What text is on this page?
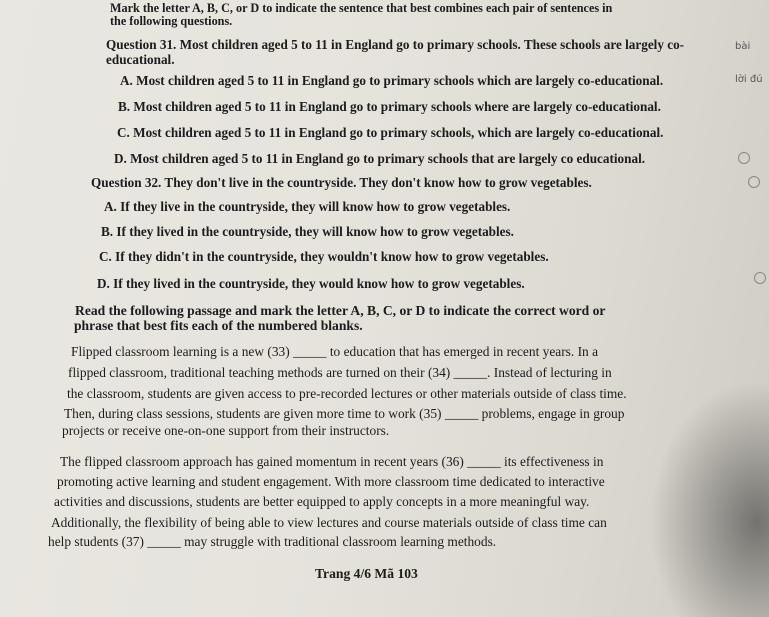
Mark the letter A, B, C, or D to indicate the sentence that best combines each pair of sentences in
the following questions.
Question 31. Most children aged 5 to 11 in England go to primary schools. These schools are largely co-
educational.
A. Most children aged 5 to 11 in England go to primary schools which are largely co-educational.
B. Most children aged 5 to 11 in England go to primary schools where are largely co-educational.
C. Most children aged 5 to 11 in England go to primary schools, which are largely co-educational.
D. Most children aged 5 to 11 in England go to primary schools that are largely co educational.
Question 32. They don't live in the countryside. They don't know how to grow vegetables.
A. If they live in the countryside, they will know how to grow vegetables.
B. If they lived in the countryside, they will know how to grow vegetables.
C. If they didn't in the countryside, they wouldn't know how to grow vegetables.
D. If they lived in the countryside, they would know how to grow vegetables.
Read the following passage and mark the letter A, B, C, or D to indicate the correct word or
phrase that best fits each of the numbered blanks.
Flipped classroom learning is a new (33) _____ to education that has emerged in recent years. In a
flipped classroom, traditional teaching methods are turned on their (34) _____. Instead of lecturing in
the classroom, students are given access to pre-recorded lectures or other materials outside of class time.
Then, during class sessions, students are given more time to work (35) _____ problems, engage in group
projects or receive one-on-one support from their instructors.
The flipped classroom approach has gained momentum in recent years (36) _____ its effectiveness in
promoting active learning and student engagement. With more classroom time dedicated to interactive
activities and discussions, students are better equipped to apply concepts in a more meaningful way.
Additionally, the flexibility of being able to view lectures and course materials outside of class time can
help students (37) _____ may struggle with traditional classroom learning methods.
Trang 4/6 Mã 103
bài
lời đú
